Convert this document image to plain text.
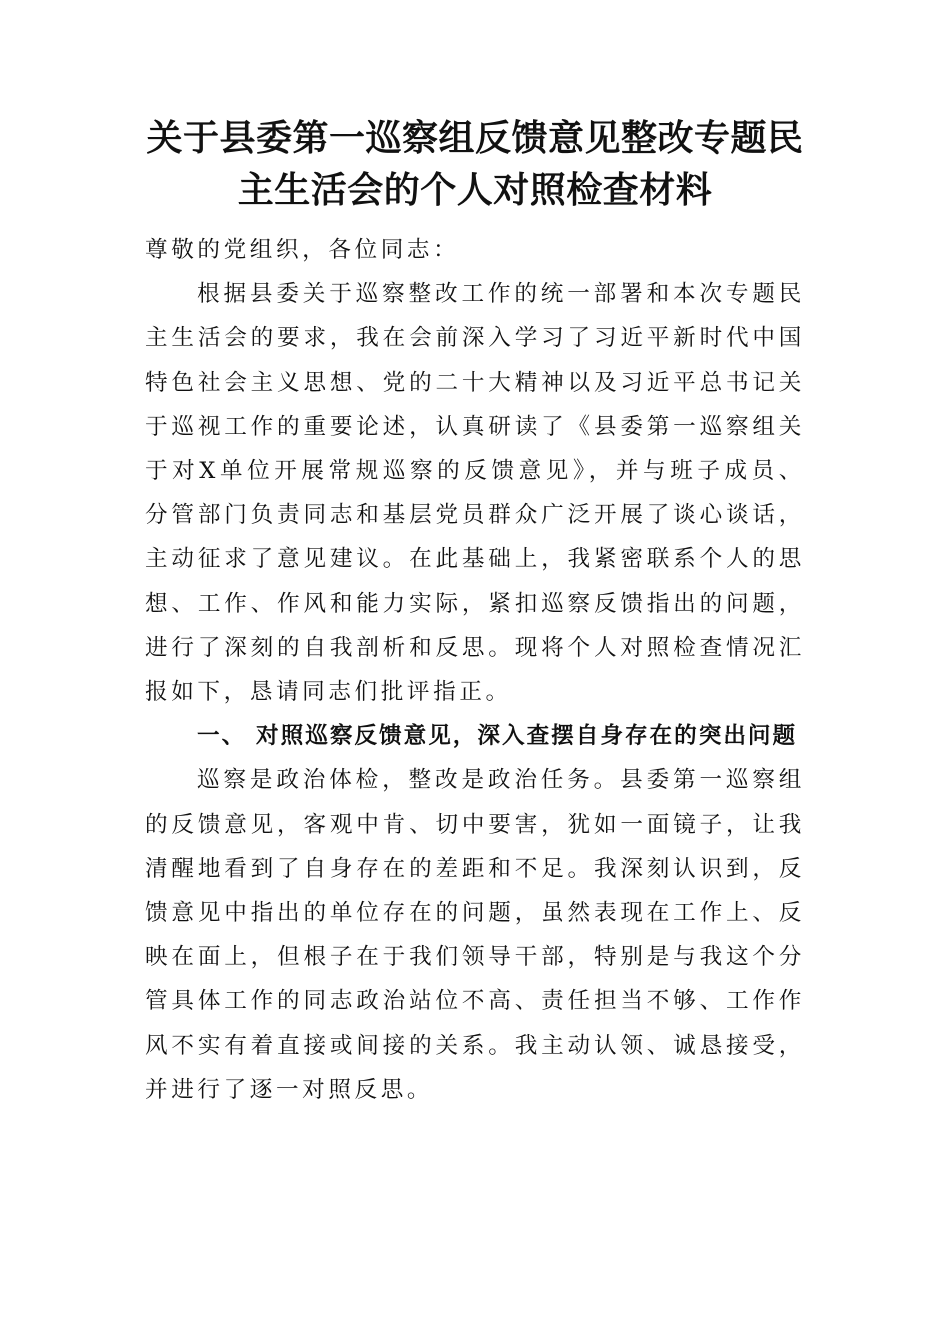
关于县委第一巡察组反馈意见整改专题民
主生活会的个人对照检查材料

尊敬的党组织，各位同志：

根据县委关于巡察整改工作的统一部署和本次专题民主生活会的要求，我在会前深入学习了习近平新时代中国特色社会主义思想、党的二十大精神以及习近平总书记关于巡视工作的重要论述，认真研读了《县委第一巡察组关于对X单位开展常规巡察的反馈意见》，并与班子成员、分管部门负责同志和基层党员群众广泛开展了谈心谈话，主动征求了意见建议。在此基础上，我紧密联系个人的思想、工作、作风和能力实际，紧扣巡察反馈指出的问题，进行了深刻的自我剖析和反思。现将个人对照检查情况汇报如下，恳请同志们批评指正。

一、 对照巡察反馈意见，深入查摆自身存在的突出问题

巡察是政治体检，整改是政治任务。县委第一巡察组的反馈意见，客观中肯、切中要害，犹如一面镜子，让我清醒地看到了自身存在的差距和不足。我深刻认识到，反馈意见中指出的单位存在的问题，虽然表现在工作上、反映在面上，但根子在于我们领导干部，特别是与我这个分管具体工作的同志政治站位不高、责任担当不够、工作作风不实有着直接或间接的关系。我主动认领、诚恳接受，并进行了逐一对照反思。
